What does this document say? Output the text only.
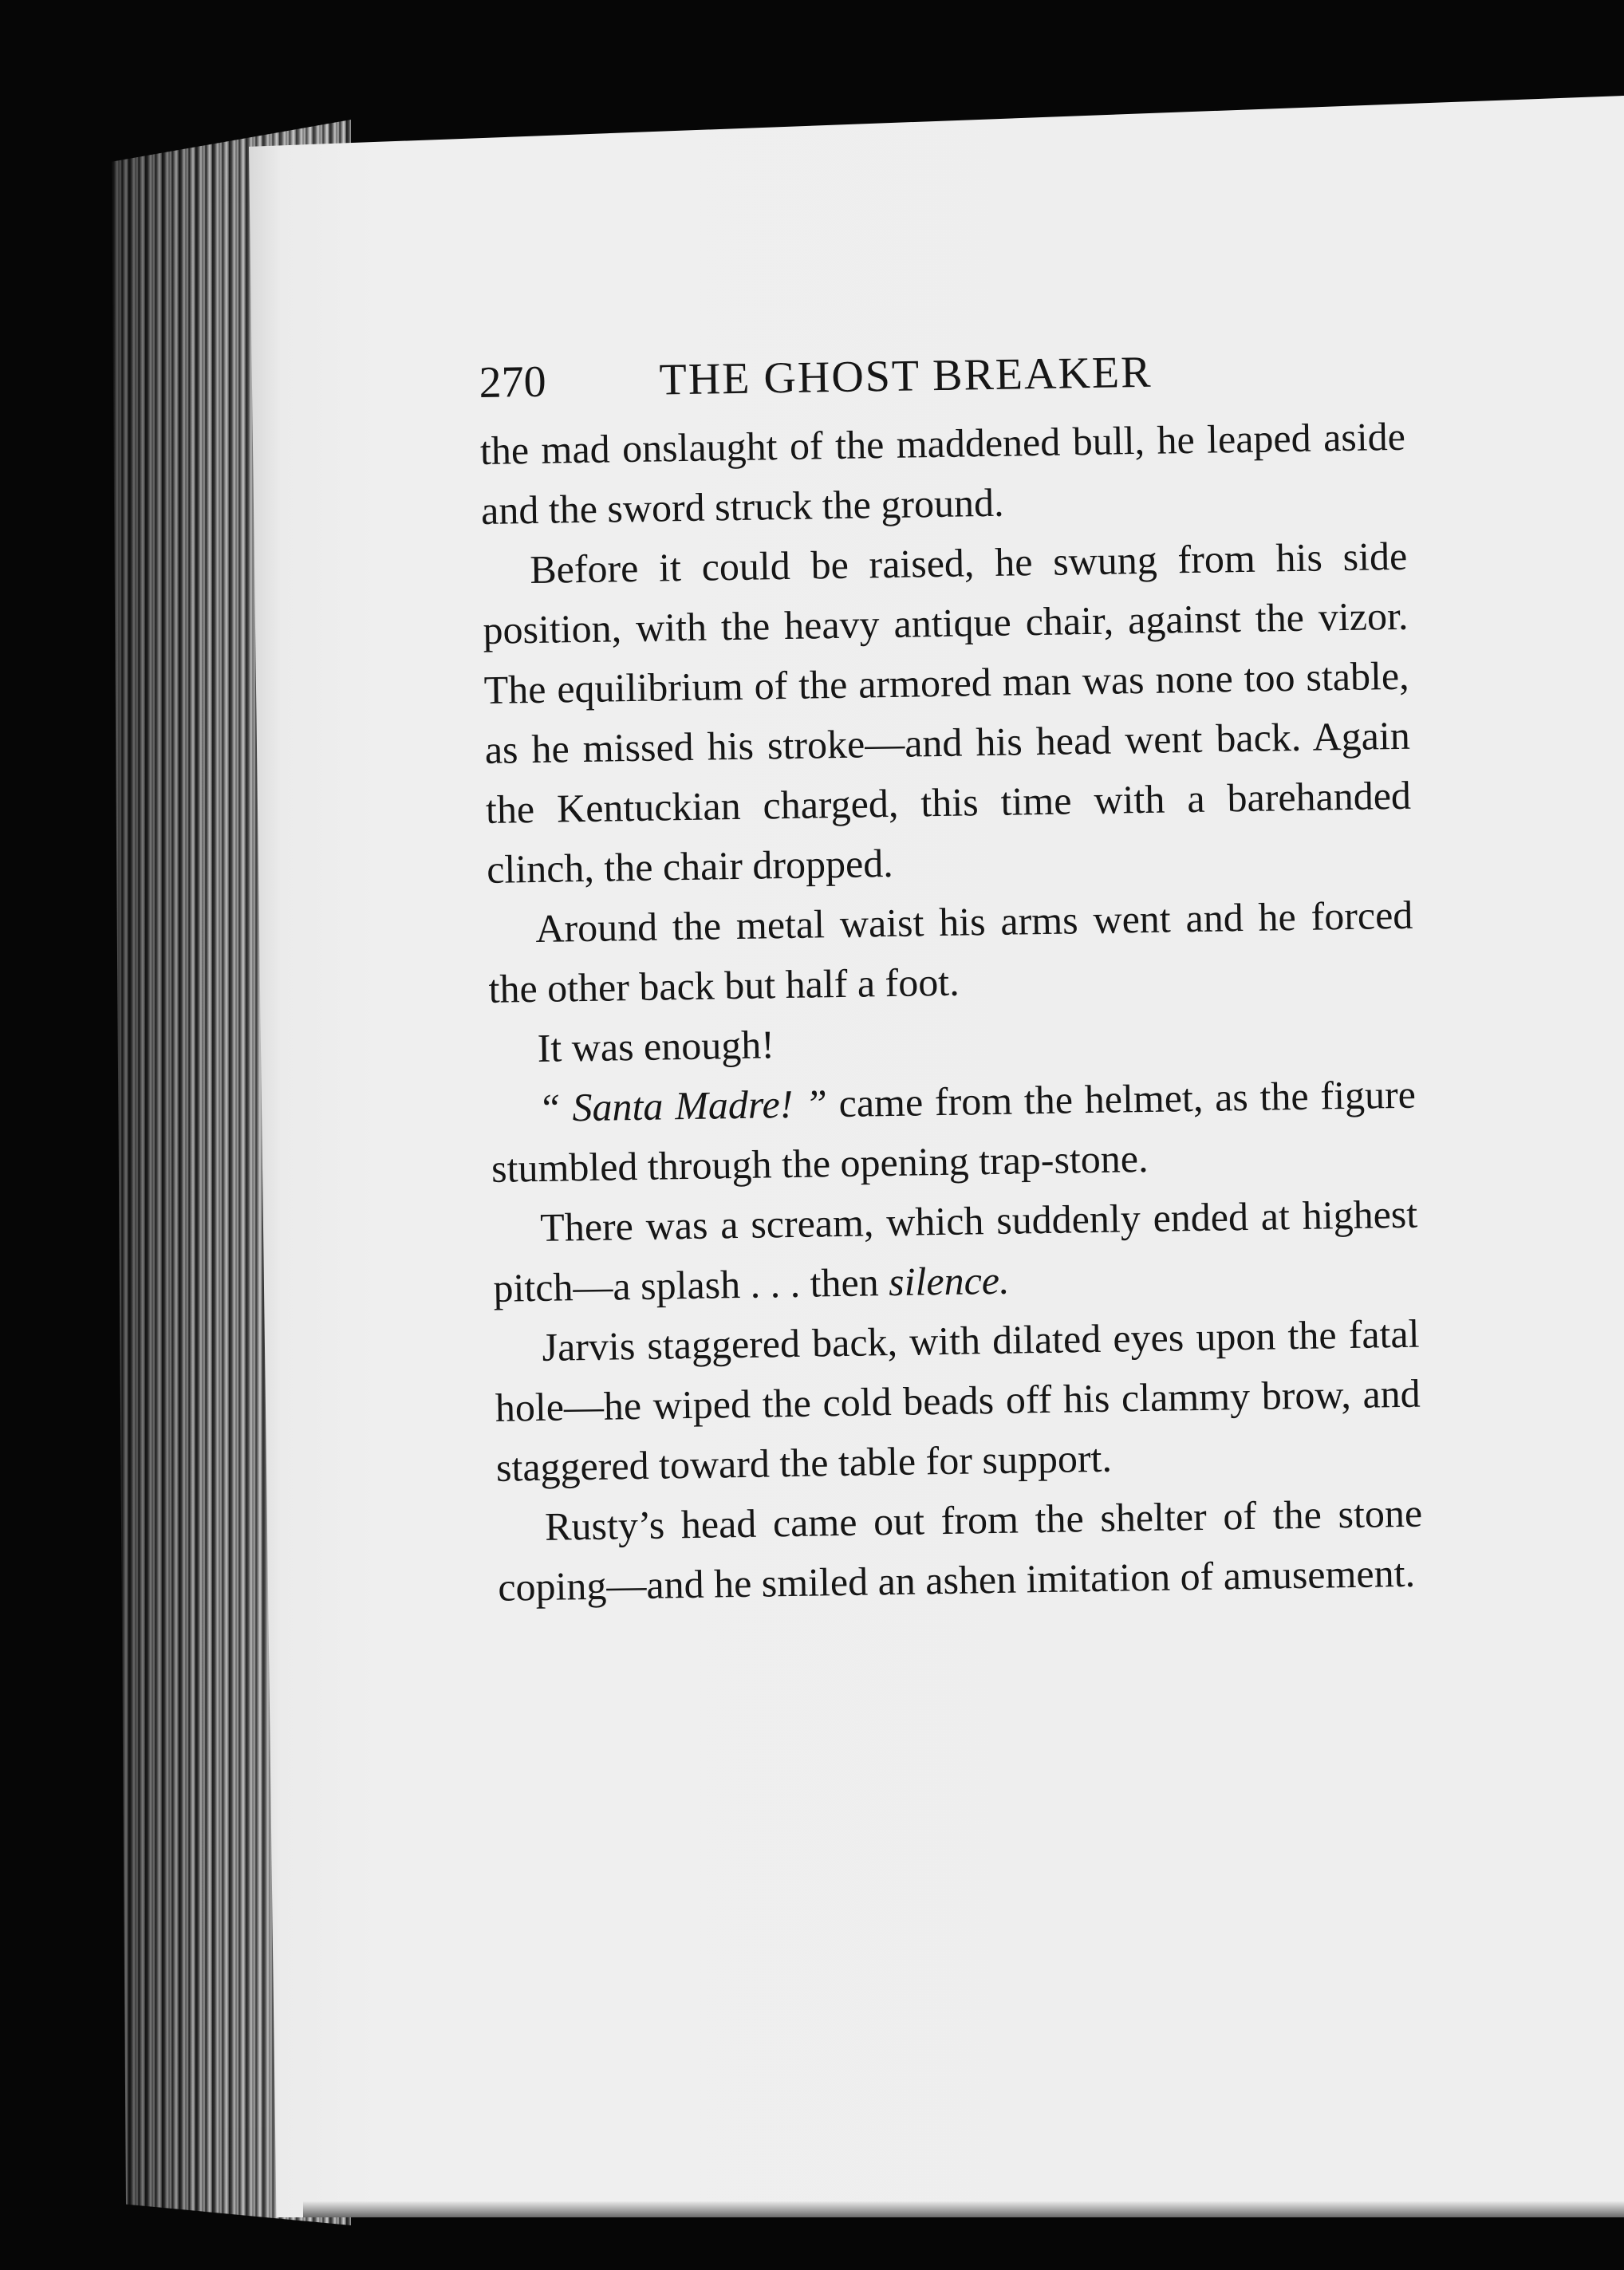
270	THE GHOST BREAKER

the mad onslaught of the maddened bull, he leaped aside and the sword struck the ground.

Before it could be raised, he swung from his side position, with the heavy antique chair, against the vizor. The equilibrium of the armored man was none too stable, as he missed his stroke—and his head went back. Again the Kentuckian charged, this time with a barehanded clinch, the chair dropped.

Around the metal waist his arms went and he forced the other back but half a foot.

It was enough!

“ Santa Madre! ” came from the helmet, as the figure stumbled through the opening trap-stone.

There was a scream, which suddenly ended at highest pitch—a splash . . . then silence.

Jarvis staggered back, with dilated eyes upon the fatal hole—he wiped the cold beads off his clammy brow, and staggered toward the table for support.

Rusty’s head came out from the shelter of the stone coping—and he smiled an ashen imitation of amusement.
